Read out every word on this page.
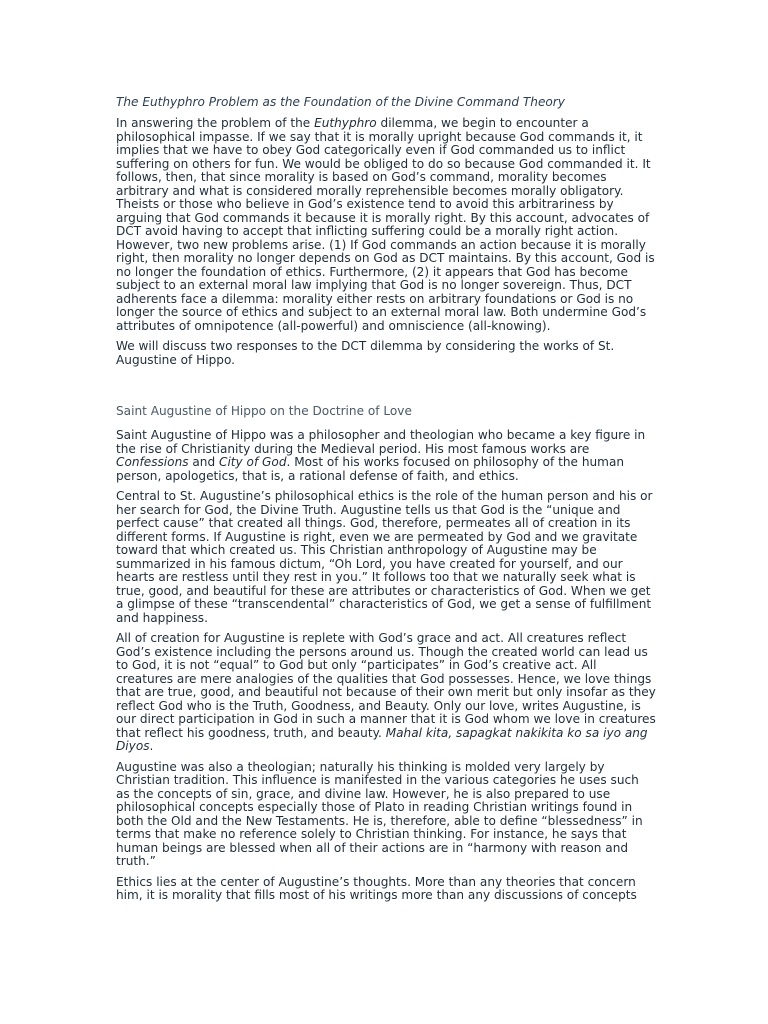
The Euthyphro Problem as the Foundation of the Divine Command Theory

In answering the problem of the Euthyphro dilemma, we begin to encounter a philosophical impasse. If we say that it is morally upright because God commands it, it implies that we have to obey God categorically even if God commanded us to inflict suffering on others for fun. We would be obliged to do so because God commanded it. It follows, then, that since morality is based on God’s command, morality becomes arbitrary and what is considered morally reprehensible becomes morally obligatory. Theists or those who believe in God’s existence tend to avoid this arbitrariness by arguing that God commands it because it is morally right. By this account, advocates of DCT avoid having to accept that inflicting suffering could be a morally right action. However, two new problems arise. (1) If God commands an action because it is morally right, then morality no longer depends on God as DCT maintains. By this account, God is no longer the foundation of ethics. Furthermore, (2) it appears that God has become subject to an external moral law implying that God is no longer sovereign. Thus, DCT adherents face a dilemma: morality either rests on arbitrary foundations or God is no longer the source of ethics and subject to an external moral law. Both undermine God’s attributes of omnipotence (all-powerful) and omniscience (all-knowing).

We will discuss two responses to the DCT dilemma by considering the works of St. Augustine of Hippo.

Saint Augustine of Hippo on the Doctrine of Love

Saint Augustine of Hippo was a philosopher and theologian who became a key figure in the rise of Christianity during the Medieval period. His most famous works are Confessions and City of God. Most of his works focused on philosophy of the human person, apologetics, that is, a rational defense of faith, and ethics.

Central to St. Augustine’s philosophical ethics is the role of the human person and his or her search for God, the Divine Truth. Augustine tells us that God is the “unique and perfect cause” that created all things. God, therefore, permeates all of creation in its different forms. If Augustine is right, even we are permeated by God and we gravitate toward that which created us. This Christian anthropology of Augustine may be summarized in his famous dictum, “Oh Lord, you have created for yourself, and our hearts are restless until they rest in you.” It follows too that we naturally seek what is true, good, and beautiful for these are attributes or characteristics of God. When we get a glimpse of these “transcendental” characteristics of God, we get a sense of fulfillment and happiness.

All of creation for Augustine is replete with God’s grace and act. All creatures reflect God’s existence including the persons around us. Though the created world can lead us to God, it is not “equal” to God but only “participates” in God’s creative act. All creatures are mere analogies of the qualities that God possesses. Hence, we love things that are true, good, and beautiful not because of their own merit but only insofar as they reflect God who is the Truth, Goodness, and Beauty. Only our love, writes Augustine, is our direct participation in God in such a manner that it is God whom we love in creatures that reflect his goodness, truth, and beauty. Mahal kita, sapagkat nakikita ko sa iyo ang Diyos.

Augustine was also a theologian; naturally his thinking is molded very largely by Christian tradition. This influence is manifested in the various categories he uses such as the concepts of sin, grace, and divine law. However, he is also prepared to use philosophical concepts especially those of Plato in reading Christian writings found in both the Old and the New Testaments. He is, therefore, able to define “blessedness” in terms that make no reference solely to Christian thinking. For instance, he says that human beings are blessed when all of their actions are in “harmony with reason and truth.”

Ethics lies at the center of Augustine’s thoughts. More than any theories that concern him, it is morality that fills most of his writings more than any discussions of concepts
